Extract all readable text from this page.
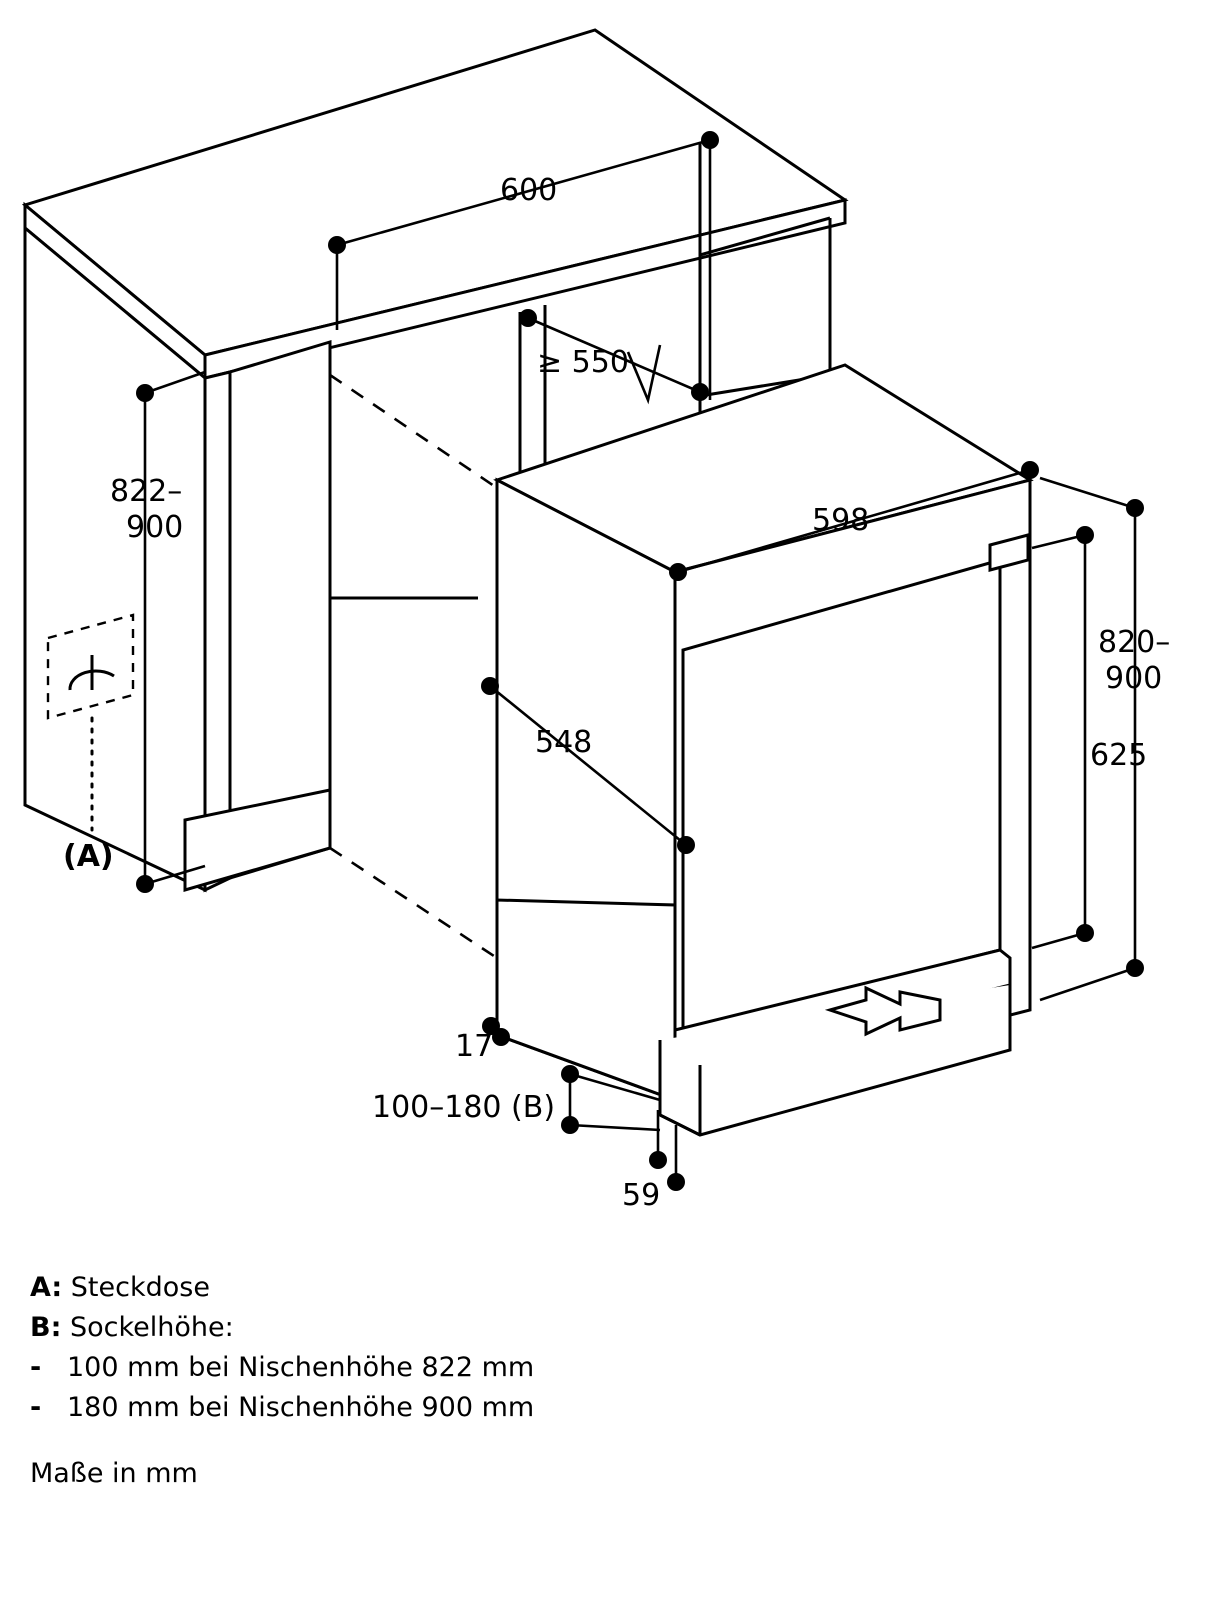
600
≥ 550
822–
900	598
820–
900
625
548
17
100–180 (B)
59
(A)
A: Steckdose
B: Sockelhöhe:
-   100 mm bei Nischenhöhe 822 mm
-   180 mm bei Nischenhöhe 900 mm
Maße in mm
